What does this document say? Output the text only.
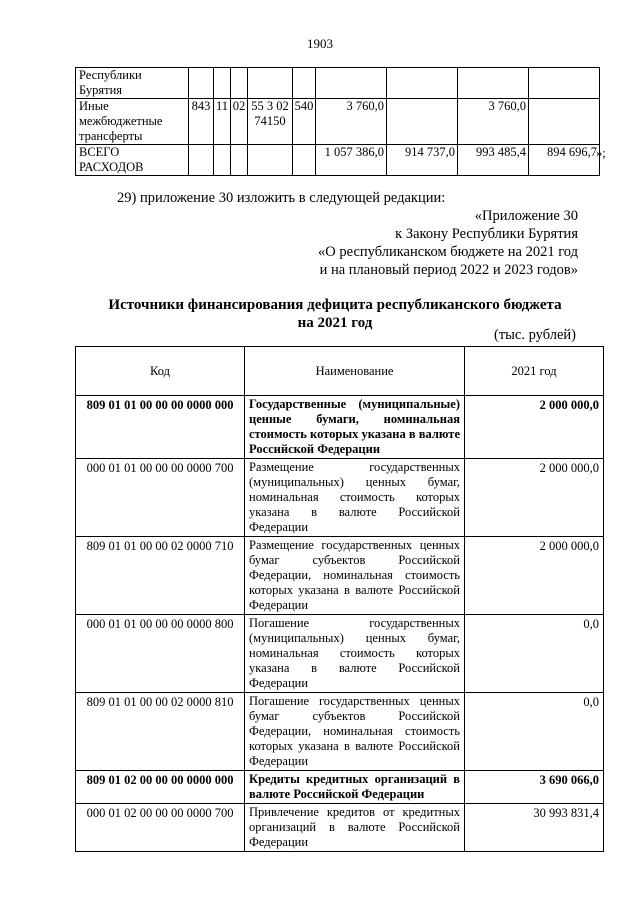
1903
Республики Бурятия									
Иные межбюджетные трансферты	843	11	02	55 3 02 74150	540	3 760,0		3 760,0	
ВСЕГО РАСХОДОВ						1 057 386,0	914 737,0	993 485,4	894 696,7 »;
29) приложение 30 изложить в следующей редакции:
«Приложение 30
к Закону Республики Бурятия
«О республиканском бюджете на 2021 год
и на плановый период 2022 и 2023 годов»
Источники финансирования дефицита республиканского бюджета
на 2021 год
(тыс. рублей)
Код	Наименование	2021 год
809 01 01 00 00 00 0000 000	Государственные (муниципальные) ценные бумаги, номинальная стоимость которых указана в валюте Российской Федерации	2 000 000,0
000 01 01 00 00 00 0000 700	Размещение государственных (муниципальных) ценных бумаг, номинальная стоимость которых указана в валюте Российской Федерации	2 000 000,0
809 01 01 00 00 02 0000 710	Размещение государственных ценных бумаг субъектов Российской Федерации, номинальная стоимость которых указана в валюте Российской Федерации	2 000 000,0
000 01 01 00 00 00 0000 800	Погашение государственных (муниципальных) ценных бумаг, номинальная стоимость которых указана в валюте Российской Федерации	0,0
809 01 01 00 00 02 0000 810	Погашение государственных ценных бумаг субъектов Российской Федерации, номинальная стоимость которых указана в валюте Российской Федерации	0,0
809 01 02 00 00 00 0000 000	Кредиты кредитных организаций в валюте Российской Федерации	3 690 066,0
000 01 02 00 00 00 0000 700	Привлечение кредитов от кредитных организаций в валюте Российской Федерации	30 993 831,4
